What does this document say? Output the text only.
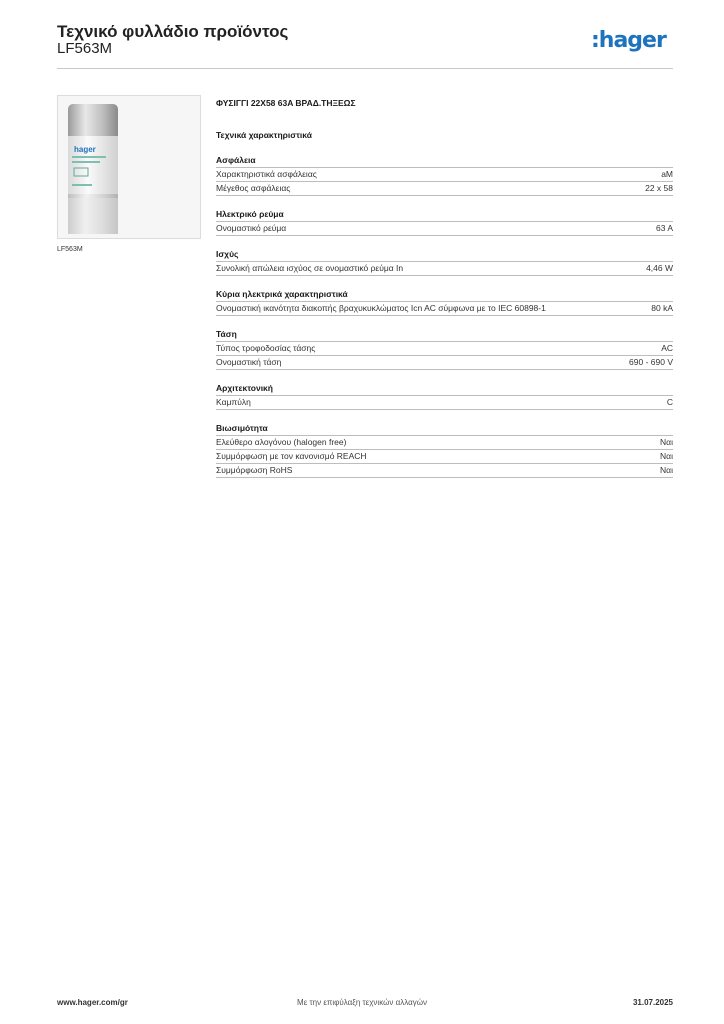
Τεχνικό φυλλάδιο προϊόντος
LF563M	:hager
hager
LF563M
ΦΥΣΙΓΓΙ 22X58 63A ΒΡΑΔ.ΤΗΞΕΩΣ
Τεχνικά χαρακτηριστικά
Ασφάλεια
Χαρακτηριστικά ασφάλειας	aM
Μέγεθος ασφάλειας	22 x 58
Ηλεκτρικό ρεύμα
Ονομαστικό ρεύμα	63 A
Ισχύς
Συνολική απώλεια ισχύος σε ονομαστικό ρεύμα In	4,46 W
Κύρια ηλεκτρικά χαρακτηριστικά
Ονομαστική ικανότητα διακοπής βραχυκυκλώματος Icn AC σύμφωνα με το IEC 60898-1	80 kA
Τάση
Τύπος τροφοδοσίας τάσης	AC
Ονομαστική τάση	690 - 690 V
Αρχιτεκτονική
Καμπύλη	C
Βιωσιμότητα
Ελεύθερο αλογόνου (halogen free)	Ναι
Συμμόρφωση με τον κανονισμό REACH	Ναι
Συμμόρφωση RoHS	Ναι
www.hager.com/gr	Με την επιφύλαξη τεχνικών αλλαγών	31.07.2025
